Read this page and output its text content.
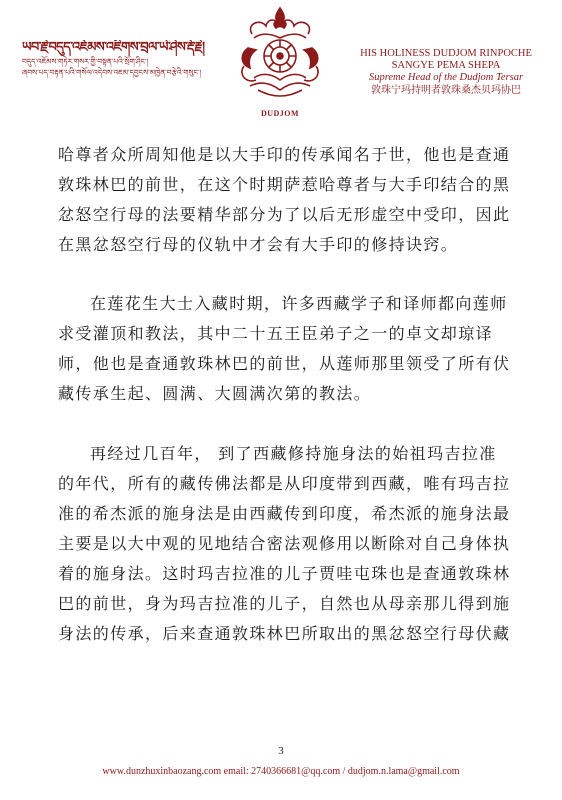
ཡབ་རྗེ་བདུད་འཇོམས་འཇིགས་བྲལ་ཡེ་ཤེས་རྡོ་རྗེ།
བདུད་འཇོམས་གཏེར་གསར་གྱི་བསྟན་པའི་སྲོག་ཤིང་།
ཞབས་པད་བརྟན་པའི་གསོལ་འདེབས་འཇམ་དབྱངས་མཁྱེན་བརྩེའི་གསུང་།
DUDJOM
HIS HOLINESS DUDJOM RINPOCHE
SANGYE PEMA SHEPA
Supreme Head of the Dudjom Tersar
敦珠宁玛持明者敦珠桑杰贝玛协巴

哈尊者众所周知他是以大手印的传承闻名于世，他也是查通敦珠林巴的前世，在这个时期萨惹哈尊者与大手印结合的黑忿怒空行母的法要精华部分为了以后无形虚空中受印，因此在黑忿怒空行母的仪轨中才会有大手印的修持诀窍。

在莲花生大士入藏时期，许多西藏学子和译师都向莲师求受灌顶和教法，其中二十五王臣弟子之一的卓文却琼译师，他也是查通敦珠林巴的前世，从莲师那里领受了所有伏藏传承生起、圆满、大圆满次第的教法。

再经过几百年， 到了西藏修持施身法的始祖玛吉拉准的年代，所有的藏传佛法都是从印度带到西藏，唯有玛吉拉准的希杰派的施身法是由西藏传到印度，希杰派的施身法最主要是以大中观的见地结合密法观修用以断除对自己身体执着的施身法。这时玛吉拉准的儿子贾哇屯珠也是查通敦珠林巴的前世，身为玛吉拉准的儿子，自然也从母亲那儿得到施身法的传承，后来查通敦珠林巴所取出的黑忿怒空行母伏藏

3
www.dunzhuxinbaozang.com email: 2740366681@qq.com / dudjom.n.lama@gmail.com
